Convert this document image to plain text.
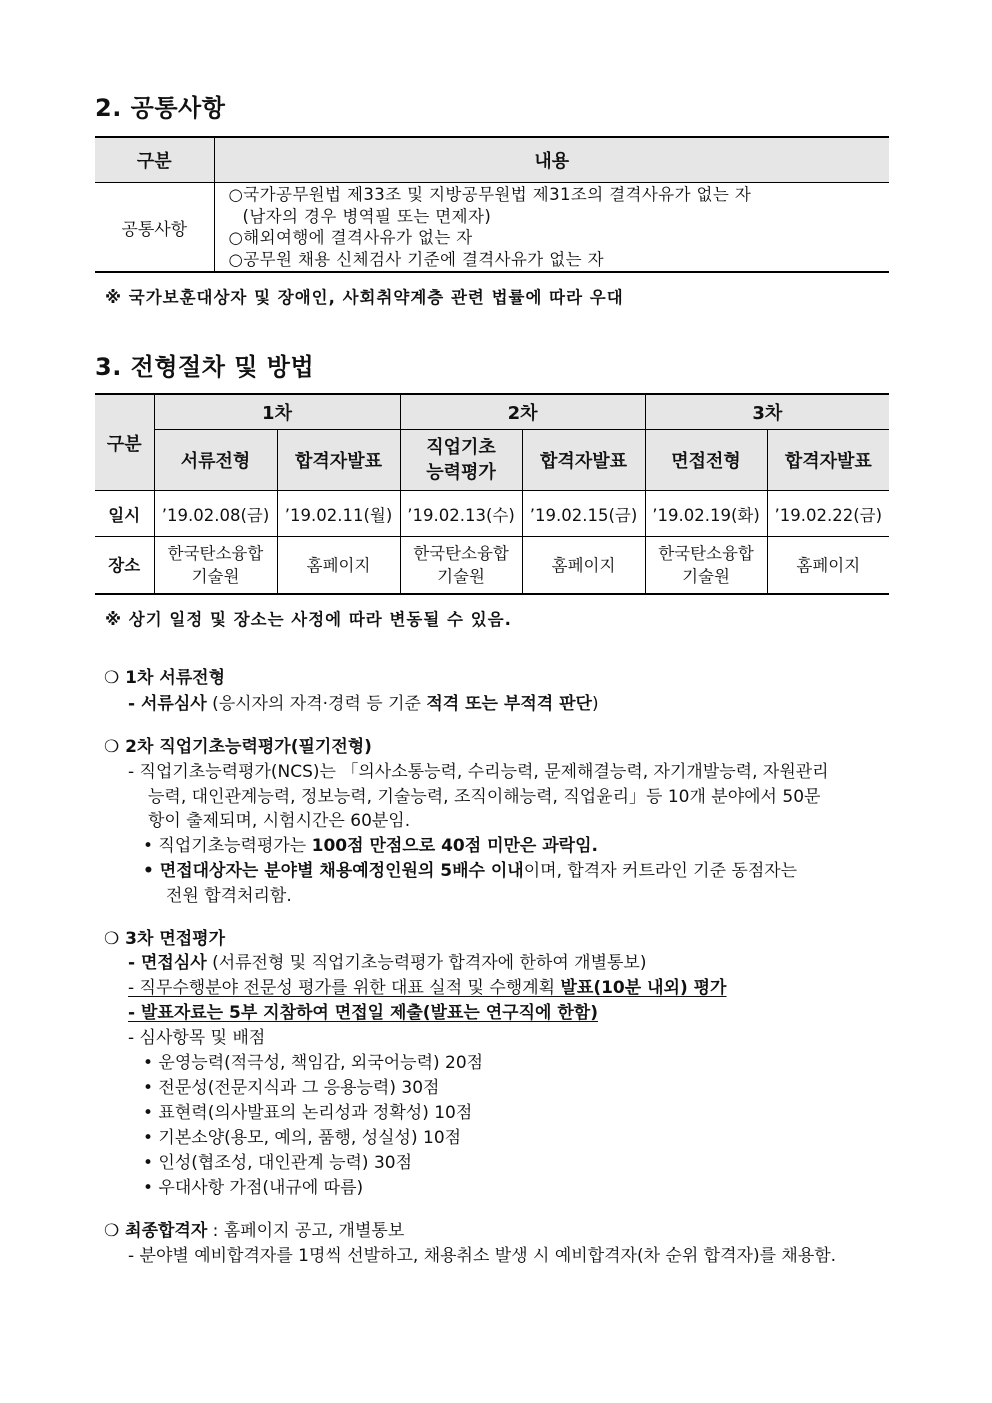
2. 공통사항
구분	내용
공통사항	○국가공무원법 제33조 및 지방공무원법 제31조의 결격사유가 없는 자
(남자의 경우 병역필 또는 면제자)
○해외여행에 결격사유가 없는 자
○공무원 채용 신체검사 기준에 결격사유가 없는 자

※ 국가보훈대상자 및 장애인, 사회취약계층 관련 법률에 따라 우대

3. 전형절차 및 방법
구분	1차		2차		3차	
	서류전형	합격자발표	직업기초
능력평가	합격자발표	면접전형	합격자발표
일시	’19.02.08(금)	’19.02.11(월)	’19.02.13(수)	’19.02.15(금)	’19.02.19(화)	’19.02.22(금)
장소	한국탄소융합
기술원	홈페이지	한국탄소융합
기술원	홈페이지	한국탄소융합
기술원	홈페이지

※ 상기 일정 및 장소는 사정에 따라 변동될 수 있음.

❍ 1차 서류전형

- 서류심사 (응시자의 자격·경력 등 기준 적격 또는 부적격 판단)

❍ 2차 직업기초능력평가(필기전형)

- 직업기초능력평가(NCS)는 「의사소통능력, 수리능력, 문제해결능력, 자기개발능력, 자원관리

능력, 대인관계능력, 정보능력, 기술능력, 조직이해능력, 직업윤리」등 10개 분야에서 50문

항이 출제되며, 시험시간은 60분임.

• 직업기초능력평가는 100점 만점으로 40점 미만은 과락임.

• 면접대상자는 분야별 채용예정인원의 5배수 이내이며, 합격자 커트라인 기준 동점자는

전원 합격처리함.

❍ 3차 면접평가

- 면접심사 (서류전형 및 직업기초능력평가 합격자에 한하여 개별통보)

- 직무수행분야 전문성 평가를 위한 대표 실적 및 수행계획 발표(10분 내외) 평가

- 발표자료는 5부 지참하여 면접일 제출(발표는 연구직에 한함)

- 심사항목 및 배점

• 운영능력(적극성, 책임감, 외국어능력) 20점

• 전문성(전문지식과 그 응용능력) 30점

• 표현력(의사발표의 논리성과 정확성) 10점

• 기본소양(용모, 예의, 품행, 성실성) 10점

• 인성(협조성, 대인관계 능력) 30점

• 우대사항 가점(내규에 따름)

❍ 최종합격자 : 홈페이지 공고, 개별통보

- 분야별 예비합격자를 1명씩 선발하고, 채용취소 발생 시 예비합격자(차 순위 합격자)를 채용함.
